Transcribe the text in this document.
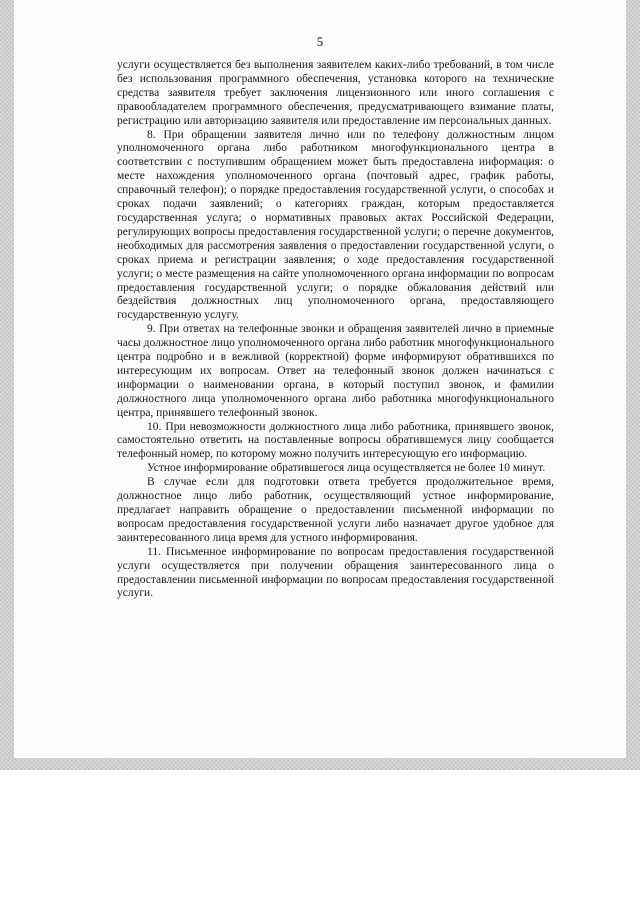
5

услуги осуществляется без выполнения заявителем каких-либо требований, в том числе без использования программного обеспечения, установка которого на технические средства заявителя требует заключения лицензионного или иного соглашения с правообладателем программного обеспечения, предусматривающего взимание платы, регистрацию или авторизацию заявителя или предоставление им персональных данных.

8. При обращении заявителя лично или по телефону должностным лицом уполномоченного органа либо работником многофункционального центра в соответствии с поступившим обращением может быть предоставлена информация: о месте нахождения уполномоченного органа (почтовый адрес, график работы, справочный телефон); о порядке предоставления государственной услуги, о способах и сроках подачи заявлений; о категориях граждан, которым предоставляется государственная услуга; о нормативных правовых актах Российской Федерации, регулирующих вопросы предоставления государственной услуги; о перечне документов, необходимых для рассмотрения заявления о предоставлении государственной услуги, о сроках приема и регистрации заявления; о ходе предоставления государственной услуги; о месте размещения на сайте уполномоченного органа информации по вопросам предоставления государственной услуги; о порядке обжалования действий или бездействия должностных лиц уполномоченного органа, предоставляющего государственную услугу.

9. При ответах на телефонные звонки и обращения заявителей лично в приемные часы должностное лицо уполномоченного органа либо работник многофункционального центра подробно и в вежливой (корректной) форме информируют обратившихся по интересующим их вопросам. Ответ на телефонный звонок должен начинаться с информации о наименовании органа, в который поступил звонок, и фамилии должностного лица уполномоченного органа либо работника многофункционального центра, принявшего телефонный звонок.

10. При невозможности должностного лица либо работника, принявшего звонок, самостоятельно ответить на поставленные вопросы обратившемуся лицу сообщается телефонный номер, по которому можно получить интересующую его информацию.

Устное информирование обратившегося лица осуществляется не более 10 минут.

В случае если для подготовки ответа требуется продолжительное время, должностное лицо либо работник, осуществляющий устное информирование, предлагает направить обращение о предоставлении письменной информации по вопросам предоставления государственной услуги либо назначает другое удобное для заинтересованного лица время для устного информирования.

11. Письменное информирование по вопросам предоставления государственной услуги осуществляется при получении обращения заинтересованного лица о предоставлении письменной информации по вопросам предоставления государственной услуги.
